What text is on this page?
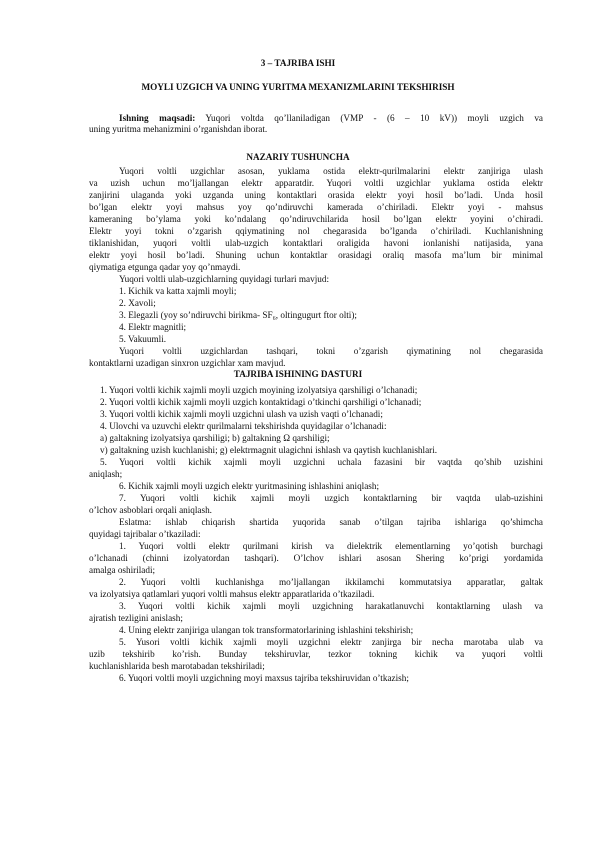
3 – TAJRIBA ISHI
MOYLI UZGICH VA UNING YURITMA MEXANIZMLARINI TEKSHIRISH
Ishning maqsadi: Yuqori voltda qo’llaniladigan (VMP - (6 – 10 kV)) moyli uzgich va
uning yuritma mehanizmini o’rganishdan iborat.
NAZARIY TUSHUNCHA
Yuqori voltli uzgichlar asosan, yuklama ostida elektr-qurilmalarini elektr zanjiriga ulash
va uzish uchun mo’ljallangan elektr apparatdir. Yuqori voltli uzgichlar yuklama ostida elektr
zanjirini ulaganda yoki uzganda uning kontaktlari orasida elektr yoyi hosil bo’ladi. Unda hosil
bo’lgan elektr yoyi mahsus yoy qo’ndiruvchi kamerada o’chiriladi. Elektr yoyi - mahsus
kameraning bo’ylama yoki ko’ndalang qo’ndiruvchilarida hosil bo’lgan elektr yoyini o’chiradi.
Elektr yoyi tokni o’zgarish qqiymatining nol chegarasida bo’lganda o’chiriladi. Kuchlanishning
tiklanishidan, yuqori voltli ulab-uzgich kontaktlari oraligida havoni ionlanishi natijasida, yana
elektr yoyi hosil bo’ladi. Shuning uchun kontaktlar orasidagi oraliq masofa ma’lum bir minimal
qiymatiga etgunga qadar yoy qo’nmaydi.
Yuqori voltli ulab-uzgichlarning quyidagi turlari mavjud:
1. Kichik va katta xajmli moyli;
2. Xavoli;
3. Elegazli (yoy so’ndiruvchi birikma- SF₆, oltingugurt ftor olti);
4. Elektr magnitli;
5. Vakuumli.
Yuqori voltli uzgichlardan tashqari, tokni o’zgarish qiymatining nol chegarasida
kontaktlarni uzadigan sinxron uzgichlar xam mavjud.
TAJRIBA ISHINING DASTURI
1. Yuqori voltli kichik xajmli moyli uzgich moyining izolyatsiya qarshiligi o’lchanadi;
2. Yuqori voltli kichik xajmli moyli uzgich kontaktidagi o’tkinchi qarshiligi o’lchanadi;
3. Yuqori voltli kichik xajmli moyli uzgichni ulash va uzish vaqti o’lchanadi;
4. Ulovchi va uzuvchi elektr qurilmalarni tekshirishda quyidagilar o’lchanadi:
a) galtakning izolyatsiya qarshiligi; b) galtakning Ω qarshiligi;
v) galtakning uzish kuchlanishi; g) elektrmagnit ulagichni ishlash va qaytish kuchlanishlari.
5. Yuqori voltli kichik xajmli moyli uzgichni uchala fazasini bir vaqtda qo’shib uzishini
aniqlash;
6. Kichik xajmli moyli uzgich elektr yuritmasining ishlashini aniqlash;
7. Yuqori voltli kichik xajmli moyli uzgich kontaktlarning bir vaqtda ulab-uzishini
o’lchov asboblari orqali aniqlash.
Eslatma: ishlab chiqarish shartida yuqorida sanab o’tilgan tajriba ishlariga qo’shimcha
quyidagi tajribalar o’tkaziladi:
1. Yuqori voltli elektr qurilmani kirish va dielektrik elementlarning yo’qotish burchagi
o’lchanadi (chinni izolyatordan tashqari). O’lchov ishlari asosan Shering ko’prigi yordamida
amalga oshiriladi;
2. Yuqori voltli kuchlanishga mo’ljallangan ikkilamchi kommutatsiya apparatlar, galtak
va izolyatsiya qatlamlari yuqori voltli mahsus elektr apparatlarida o’tkaziladi.
3. Yuqori voltli kichik xajmli moyli uzgichning harakatlanuvchi kontaktlarning ulash va
ajratish tezligini anislash;
4. Uning elektr zanjiriga ulangan tok transformatorlarining ishlashini tekshirish;
5. Yusori voltli kichik xajmli moyli uzgichni elektr zanjirga bir necha marotaba ulab va
uzib tekshirib ko’rish. Bunday tekshiruvlar, tezkor tokning kichik va yuqori voltli
kuchlanishlarida besh marotabadan tekshiriladi;
6. Yuqori voltli moyli uzgichning moyi maxsus tajriba tekshiruvidan o’tkazish;
